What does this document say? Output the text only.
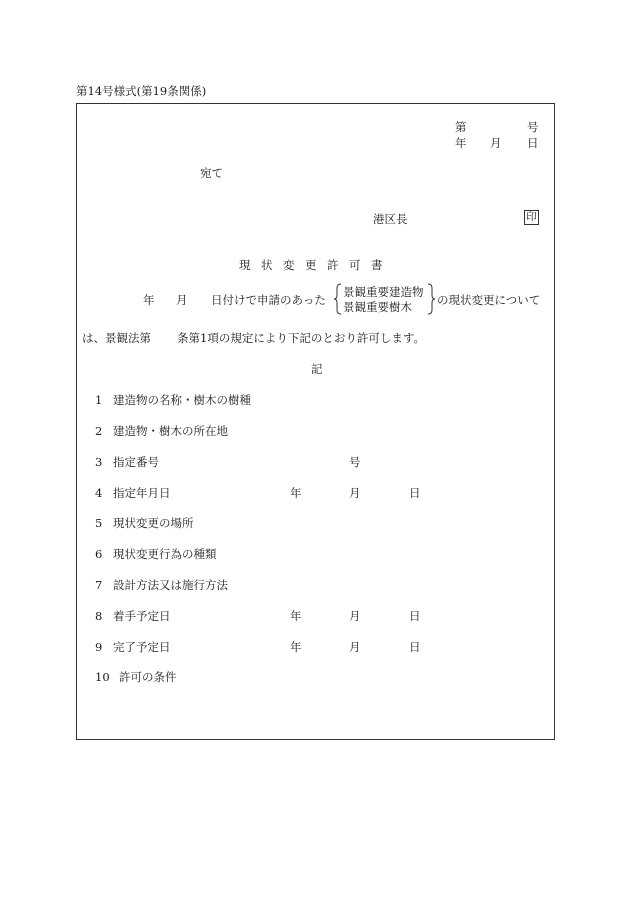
第14号様式(第19条関係)
第	号
年 月 日
宛て
港区長	印
現状変更許可書
年 月 日付けで申請のあった
景観重要建造物
景観重要樹木 の現状変更について
は、景観法第 条第1項の規定により下記のとおり許可します。
記
1 建造物の名称・樹木の樹種
2 建造物・樹木の所在地
3 指定番号	号
4 指定年月日	年	月	日
5 現状変更の場所
6 現状変更行為の種類
7 設計方法又は施行方法
8 着手予定日	年	月	日
9 完了予定日	年	月	日
10 許可の条件
